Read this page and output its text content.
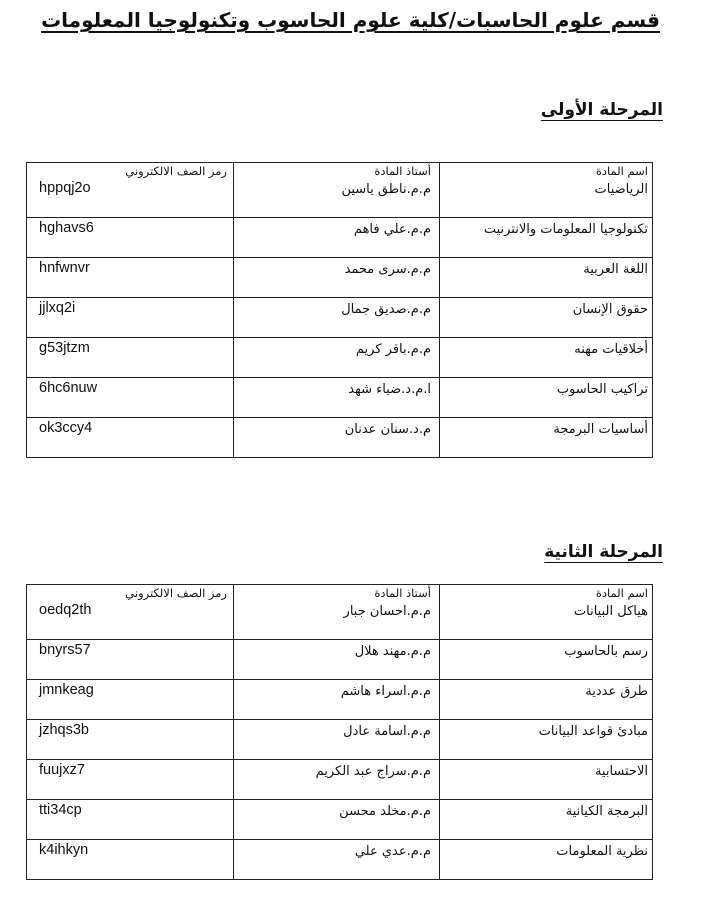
قسم علوم الحاسبات/كلية علوم الحاسوب وتكنولوجيا المعلومات
المرحلة الأولى
اسم المادة	أستاذ المادة	رمز الصف الالكتروني
الرياضيات	م.م.ناطق ياسين	hppqj2o
تكنولوجيا المعلومات والانترنيت	م.م.علي فاهم	hghavs6
اللغة العربية	م.م.سرى محمد	hnfwnvr
حقوق الإنسان	م.م.صديق جمال	jjlxq2i
أخلاقيات مهنه	م.م.باقر كريم	g53jtzm
تراكيب الحاسوب	ا.م.د.ضياء شهد	6hc6nuw
أساسيات البرمجة	م.د.سنان عدنان	ok3ccy4
المرحلة الثانية
اسم المادة	أستاذ المادة	رمز الصف الالكتروني
هياكل البيانات	م.م.احسان جبار	oedq2th
رسم بالحاسوب	م.م.مهند هلال	bnyrs57
طرق عددية	م.م.اسراء هاشم	jmnkeag
مبادئ قواعد البيانات	م.م.اسامة عادل	jzhqs3b
الاحتسابية	م.م.سراج عبد الكريم	fuujxz7
البرمجة الكيانية	م.م.مخلد محسن	tti34cp
نظرية المعلومات	م.م.عدي علي	k4ihkyn
